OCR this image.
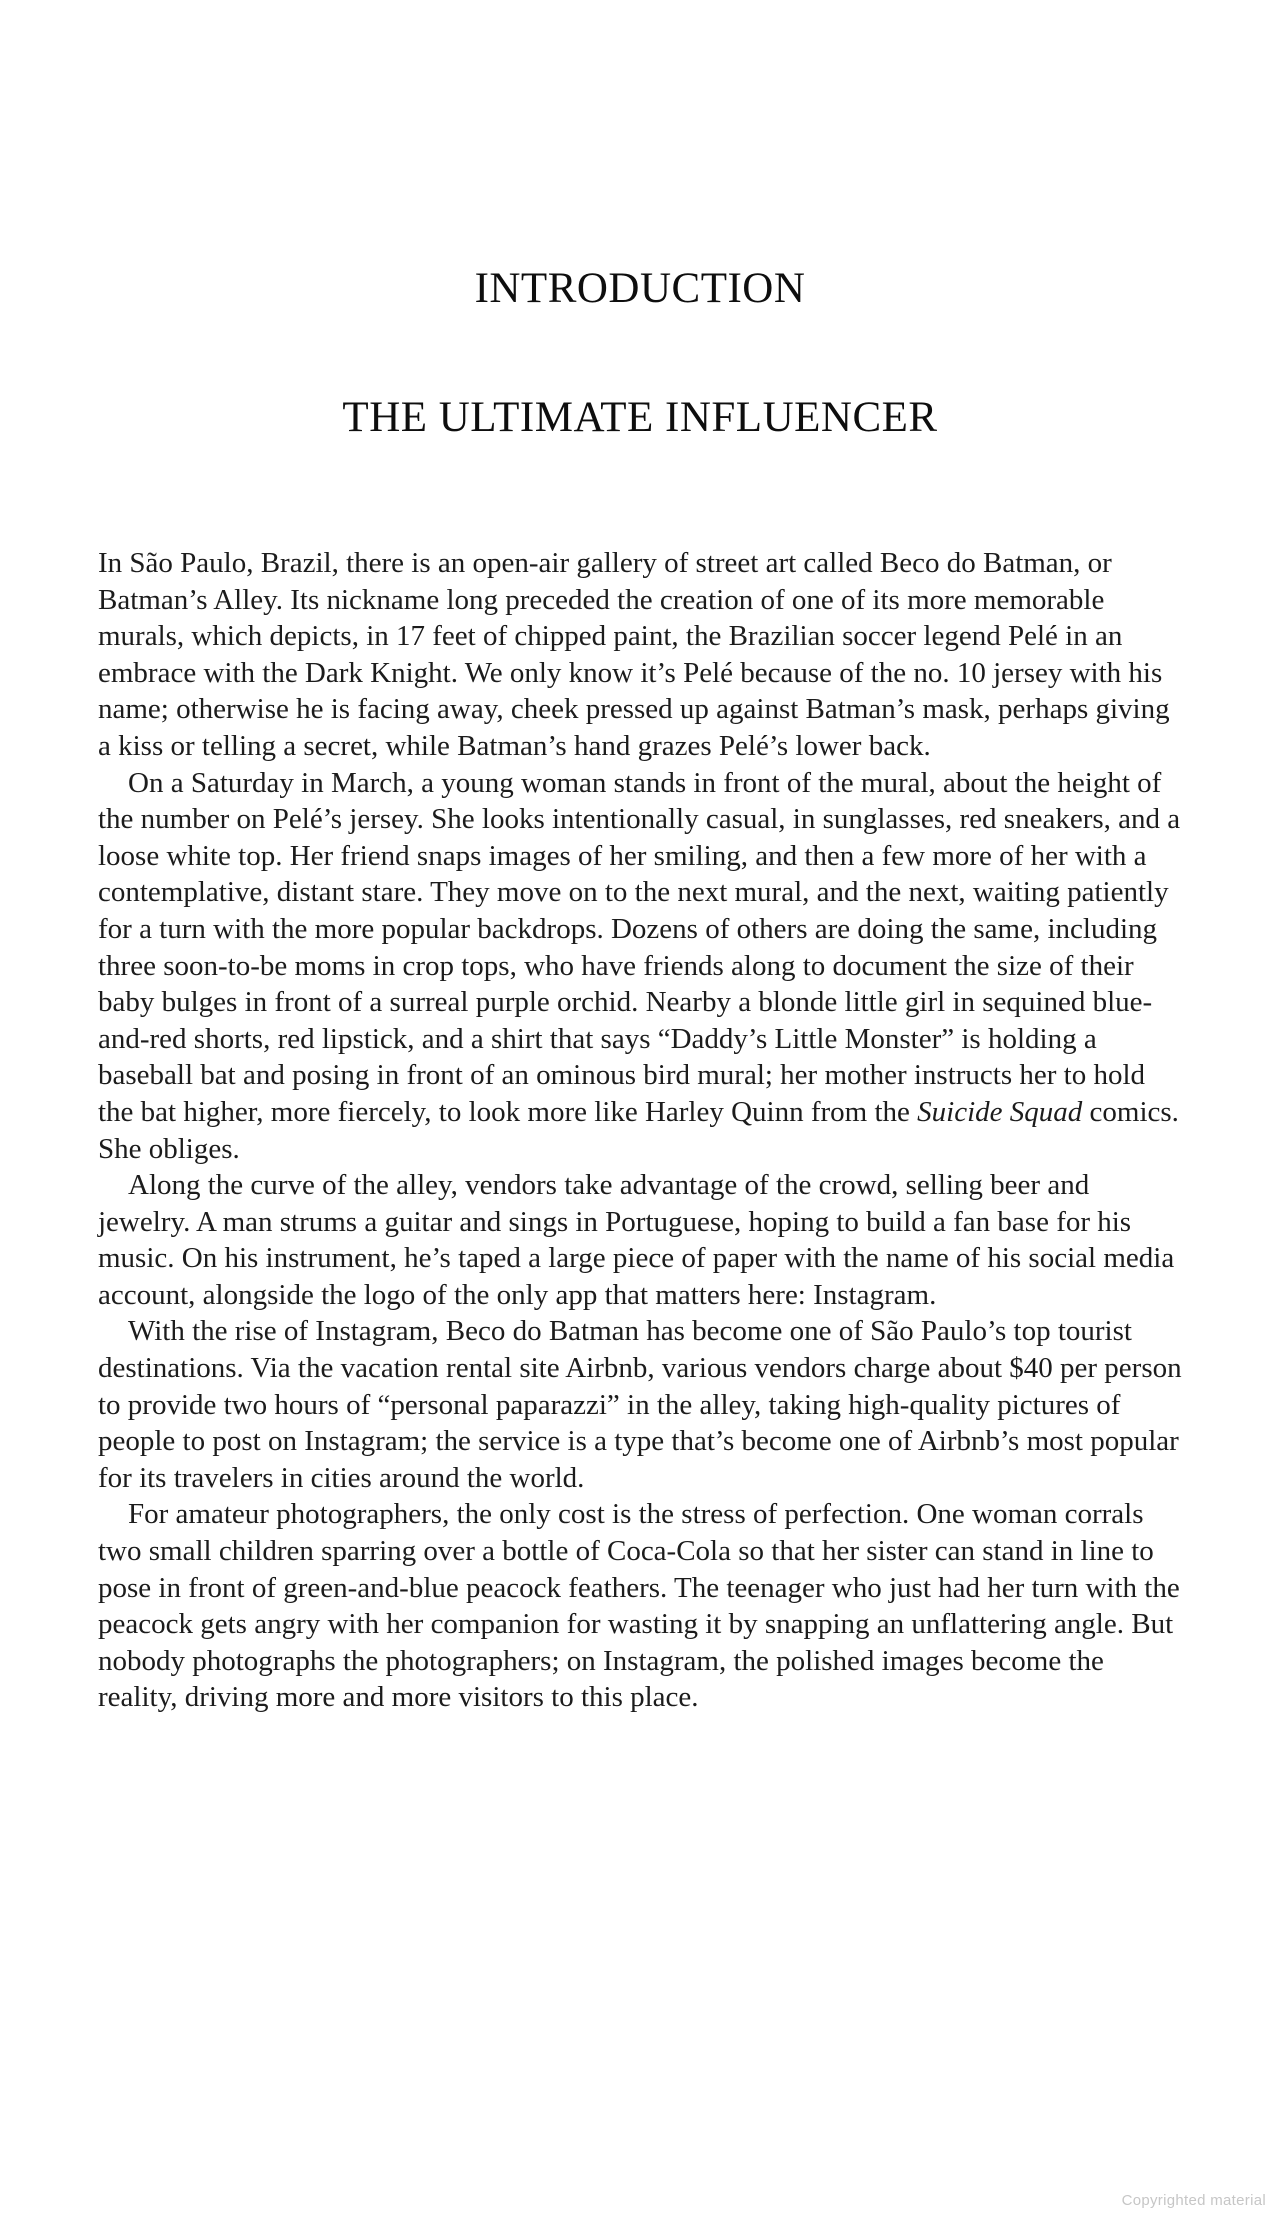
INTRODUCTION
THE ULTIMATE INFLUENCER

In São Paulo, Brazil, there is an open-air gallery of street art called Beco do Batman, or Batman’s Alley. Its nickname long preceded the creation of one of its more memorable murals, which depicts, in 17 feet of chipped paint, the Brazilian soccer legend Pelé in an embrace with the Dark Knight. We only know it’s Pelé because of the no. 10 jersey with his name; otherwise he is facing away, cheek pressed up against Batman’s mask, perhaps giving a kiss or telling a secret, while Batman’s hand grazes Pelé’s lower back.

On a Saturday in March, a young woman stands in front of the mural, about the height of the number on Pelé’s jersey. She looks intentionally casual, in sunglasses, red sneakers, and a loose white top. Her friend snaps images of her smiling, and then a few more of her with a contemplative, distant stare. They move on to the next mural, and the next, waiting patiently for a turn with the more popular backdrops. Dozens of others are doing the same, including three soon-to-be moms in crop tops, who have friends along to document the size of their baby bulges in front of a surreal purple orchid. Nearby a blonde little girl in sequined blue-and-red shorts, red lipstick, and a shirt that says “Daddy’s Little Monster” is holding a baseball bat and posing in front of an ominous bird mural; her mother instructs her to hold the bat higher, more fiercely, to look more like Harley Quinn from the Suicide Squad comics. She obliges.

Along the curve of the alley, vendors take advantage of the crowd, selling beer and jewelry. A man strums a guitar and sings in Portuguese, hoping to build a fan base for his music. On his instrument, he’s taped a large piece of paper with the name of his social media account, alongside the logo of the only app that matters here: Instagram.

With the rise of Instagram, Beco do Batman has become one of São Paulo’s top tourist destinations. Via the vacation rental site Airbnb, various vendors charge about $40 per person to provide two hours of “personal paparazzi” in the alley, taking high-quality pictures of people to post on Instagram; the service is a type that’s become one of Airbnb’s most popular for its travelers in cities around the world.

For amateur photographers, the only cost is the stress of perfection. One woman corrals two small children sparring over a bottle of Coca-Cola so that her sister can stand in line to pose in front of green-and-blue peacock feathers. The teenager who just had her turn with the peacock gets angry with her companion for wasting it by snapping an unflattering angle. But nobody photographs the photographers; on Instagram, the polished images become the reality, driving more and more visitors to this place.

Copyrighted material
